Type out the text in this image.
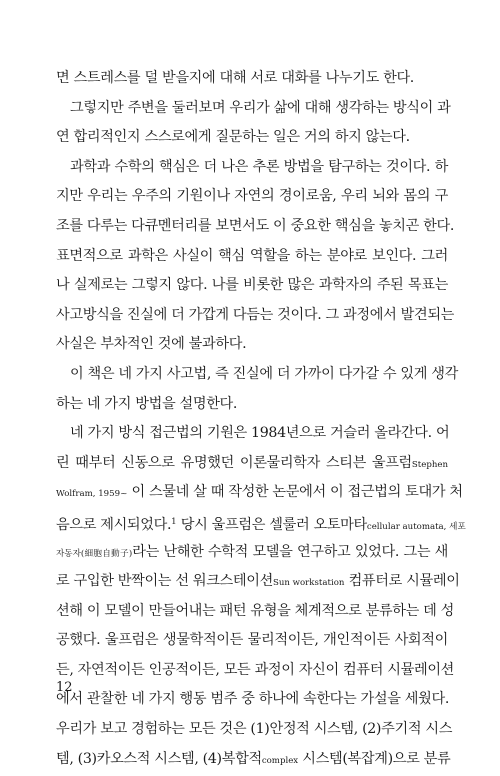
면 스트레스를 덜 받을지에 대해 서로 대화를 나누기도 한다.
그렇지만 주변을 둘러보며 우리가 삶에 대해 생각하는 방식이 과
연 합리적인지 스스로에게 질문하는 일은 거의 하지 않는다.
과학과 수학의 핵심은 더 나은 추론 방법을 탐구하는 것이다. 하
지만 우리는 우주의 기원이나 자연의 경이로움, 우리 뇌와 몸의 구
조를 다루는 다큐멘터리를 보면서도 이 중요한 핵심을 놓치곤 한다.
표면적으로 과학은 사실이 핵심 역할을 하는 분야로 보인다. 그러
나 실제로는 그렇지 않다. 나를 비롯한 많은 과학자의 주된 목표는
사고방식을 진실에 더 가깝게 다듬는 것이다. 그 과정에서 발견되는
사실은 부차적인 것에 불과하다.
이 책은 네 가지 사고법, 즉 진실에 더 가까이 다가갈 수 있게 생각
하는 네 가지 방법을 설명한다.
네 가지 방식 접근법의 기원은 1984년으로 거슬러 올라간다. 어
린 때부터 신동으로 유명했던 이론물리학자 스티븐 울프럼Stephen
Wolfram, 1959~ 이 스물네 살 때 작성한 논문에서 이 접근법의 토대가 처
음으로 제시되었다.$^1$ 당시 울프럼은 셀룰러 오토마타cellular automata, 세포
자동자(細胞自動子)라는 난해한 수학적 모델을 연구하고 있었다. 그는 새
로 구입한 반짝이는 선 워크스테이션Sun workstation 컴퓨터로 시뮬레이
션해 이 모델이 만들어내는 패턴 유형을 체계적으로 분류하는 데 성
공했다. 울프럼은 생물학적이든 물리적이든, 개인적이든 사회적이
든, 자연적이든 인공적이든, 모든 과정이 자신이 컴퓨터 시뮬레이션
에서 관찰한 네 가지 행동 범주 중 하나에 속한다는 가설을 세웠다.
우리가 보고 경험하는 모든 것은 (1)안정적 시스템, (2)주기적 시스
템, (3)카오스적 시스템, (4)복합적complex 시스템(복잡계)으로 분류
12
